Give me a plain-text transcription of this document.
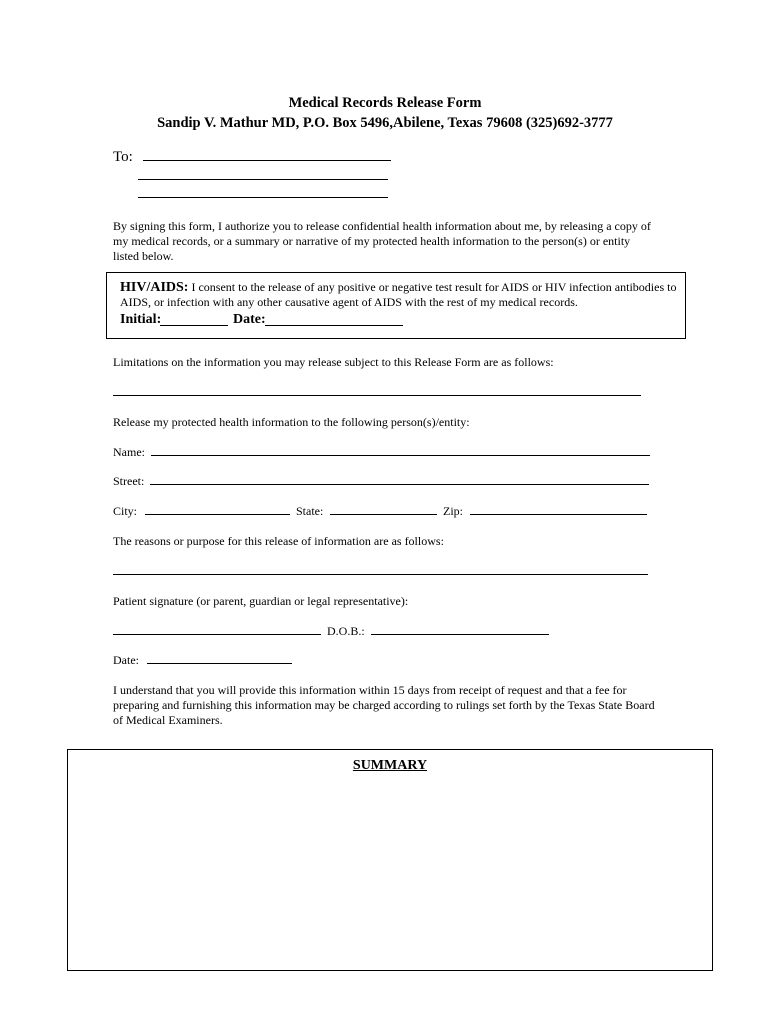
Medical Records Release Form
Sandip V. Mathur MD, P.O. Box 5496,Abilene, Texas 79608 (325)692-3777
To:
By signing this form, I authorize you to release confidential health information about me, by releasing a copy of my medical records, or a summary or narrative of my protected health information to the person(s) or entity listed below.
HIV/AIDS: I consent to the release of any positive or negative test result for AIDS or HIV infection antibodies to AIDS, or infection with any other causative agent of AIDS with the rest of my medical records.
Initial:	Date:
Limitations on the information you may release subject to this Release Form are as follows:
Release my protected health information to the following person(s)/entity:
Name:
Street:
City:	State:	Zip:
The reasons or purpose for this release of information are as follows:
Patient signature (or parent, guardian or legal representative):
D.O.B.:
Date:
I understand that you will provide this information within 15 days from receipt of request and that a fee for preparing and furnishing this information may be charged according to rulings set forth by the Texas State Board of Medical Examiners.
SUMMARY
